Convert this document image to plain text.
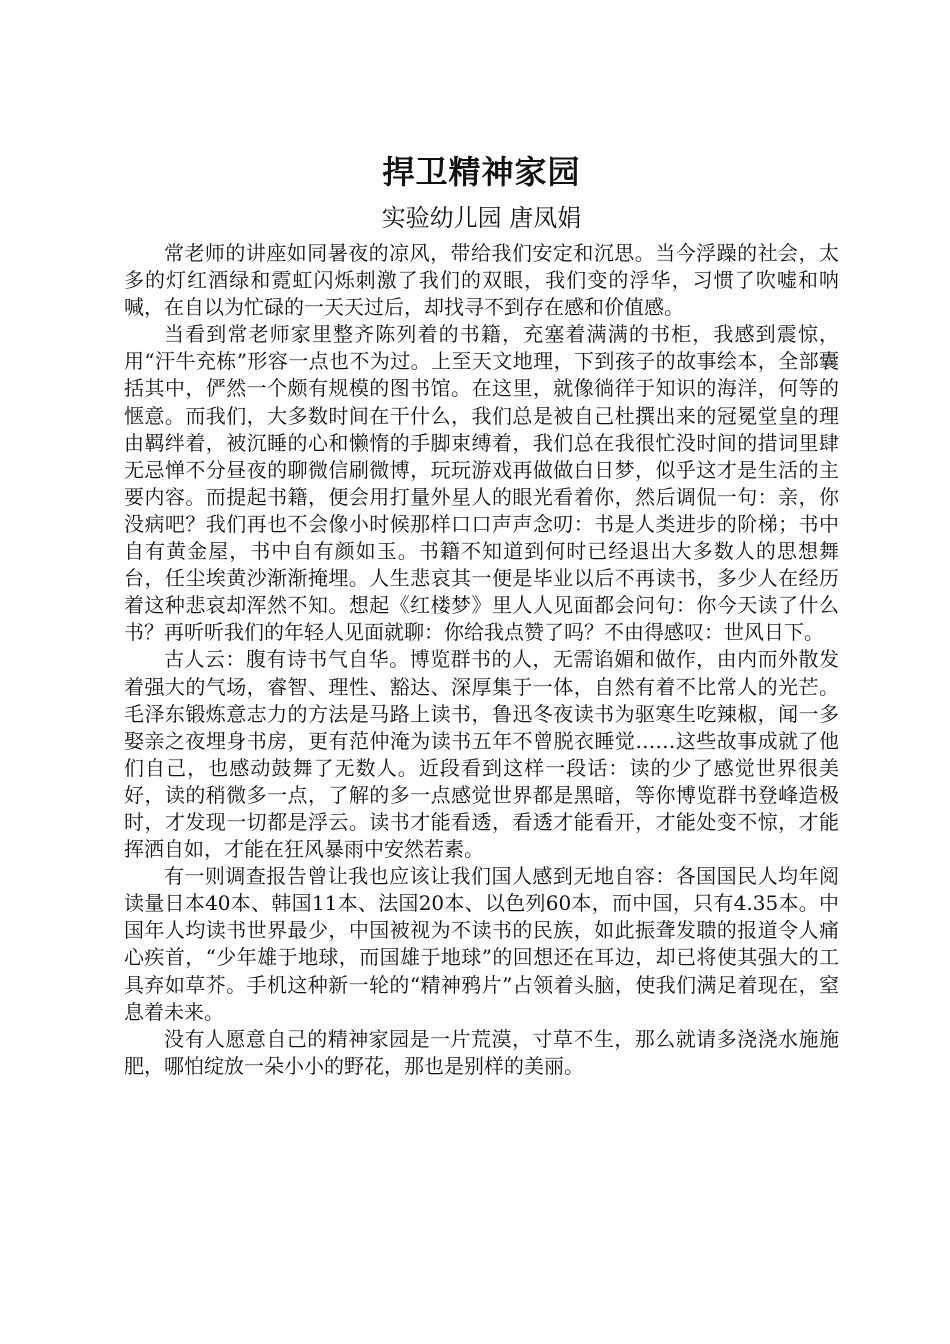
捍卫精神家园
实验幼儿园 唐凤娟

常老师的讲座如同暑夜的凉风，带给我们安定和沉思。当今浮躁的社会，太多的灯红酒绿和霓虹闪烁刺激了我们的双眼，我们变的浮华，习惯了吹嘘和呐喊，在自以为忙碌的一天天过后，却找寻不到存在感和价值感。

当看到常老师家里整齐陈列着的书籍，充塞着满满的书柜，我感到震惊，用“汗牛充栋”形容一点也不为过。上至天文地理，下到孩子的故事绘本，全部囊括其中，俨然一个颇有规模的图书馆。在这里，就像徜徉于知识的海洋，何等的惬意。而我们，大多数时间在干什么，我们总是被自己杜撰出来的冠冕堂皇的理由羁绊着，被沉睡的心和懒惰的手脚束缚着，我们总在我很忙没时间的措词里肆无忌惮不分昼夜的聊微信刷微博，玩玩游戏再做做白日梦，似乎这才是生活的主要内容。而提起书籍，便会用打量外星人的眼光看着你，然后调侃一句：亲，你没病吧？我们再也不会像小时候那样口口声声念叨：书是人类进步的阶梯；书中自有黄金屋，书中自有颜如玉。书籍不知道到何时已经退出大多数人的思想舞台，任尘埃黄沙渐渐掩埋。人生悲哀其一便是毕业以后不再读书，多少人在经历着这种悲哀却浑然不知。想起《红楼梦》里人人见面都会问句：你今天读了什么书？再听听我们的年轻人见面就聊：你给我点赞了吗？不由得感叹：世风日下。

古人云：腹有诗书气自华。博览群书的人，无需谄媚和做作，由内而外散发着强大的气场，睿智、理性、豁达、深厚集于一体，自然有着不比常人的光芒。毛泽东锻炼意志力的方法是马路上读书，鲁迅冬夜读书为驱寒生吃辣椒，闻一多娶亲之夜埋身书房，更有范仲淹为读书五年不曾脱衣睡觉……这些故事成就了他们自己，也感动鼓舞了无数人。近段看到这样一段话：读的少了感觉世界很美好，读的稍微多一点，了解的多一点感觉世界都是黑暗，等你博览群书登峰造极时，才发现一切都是浮云。读书才能看透，看透才能看开，才能处变不惊，才能挥洒自如，才能在狂风暴雨中安然若素。

有一则调查报告曾让我也应该让我们国人感到无地自容：各国国民人均年阅读量日本40本、韩国11本、法国20本、以色列60本，而中国，只有4.35本。中国年人均读书世界最少，中国被视为不读书的民族，如此振聋发聩的报道令人痛心疾首，“少年雄于地球，而国雄于地球”的回想还在耳边，却已将使其强大的工具弃如草芥。手机这种新一轮的“精神鸦片”占领着头脑，使我们满足着现在，窒息着未来。

没有人愿意自己的精神家园是一片荒漠，寸草不生，那么就请多浇浇水施施肥，哪怕绽放一朵小小的野花，那也是别样的美丽。
